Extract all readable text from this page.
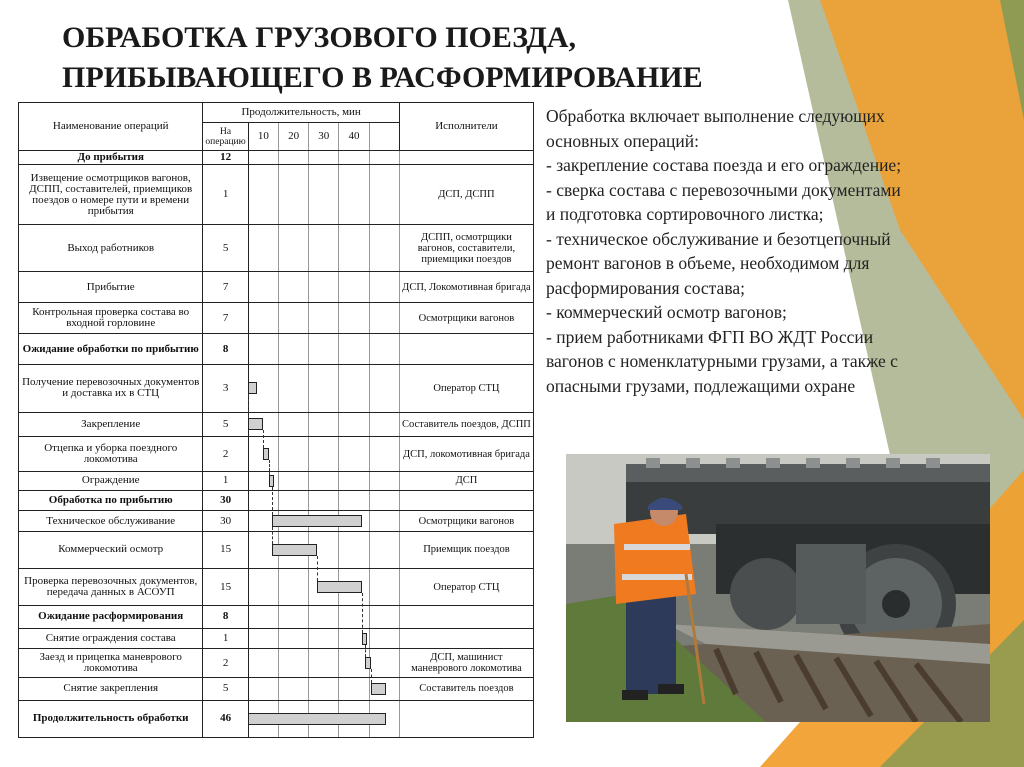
ОБРАБОТКА ГРУЗОВОГО ПОЕЗДА,
ПРИБЫВАЮЩЕГО В РАСФОРМИРОВАНИЕ
Наименование операций	Продолжительность, мин						Исполнители
	На
операцию	10	20	30	40		
До прибытия	12						
Извещение осмотрщиков вагонов, ДСПП, составителей, приемщиков поездов о номере пути и времени прибытия	1						ДСП, ДСПП
Выход работников	5						ДСПП, осмотрщики вагонов, составители, приемщики поездов
Прибытие	7						ДСП, Локомотивная бригада
Контрольная проверка состава во входной горловине	7						Осмотрщики вагонов
Ожидание обработки по прибытию	8						
Получение перевозочных документов и доставка их в СТЦ	3						Оператор СТЦ
Закрепление	5						Составитель поездов, ДСПП
Отцепка и уборка поездного локомотива	2						ДСП, локомотивная бригада
Ограждение	1						ДСП
Обработка по прибытию	30						
Техническое обслуживание	30						Осмотрщики вагонов
Коммерческий осмотр	15						Приемщик поездов
Проверка перевозочных документов, передача данных в АСОУП	15						Оператор СТЦ
Ожидание расформирования	8						
Снятие ограждения состава	1						
Заезд и прицепка маневрового локомотива	2						ДСП, машинист маневрового локомотива
Снятие закрепления	5						Составитель поездов
Продолжительность обработки	46						
Обработка включает выполнение следующих
основных операций:
- закрепление состава поезда и его ограждение;
- сверка состава с перевозочными документами
и подготовка сортировочного листка;
- техническое обслуживание и безотцепочный
ремонт вагонов в объеме, необходимом для
расформирования состава;
- коммерческий осмотр вагонов;
- прием работниками ФГП ВО ЖДТ России
вагонов с номенклатурными грузами, а также с
опасными грузами, подлежащими охране
